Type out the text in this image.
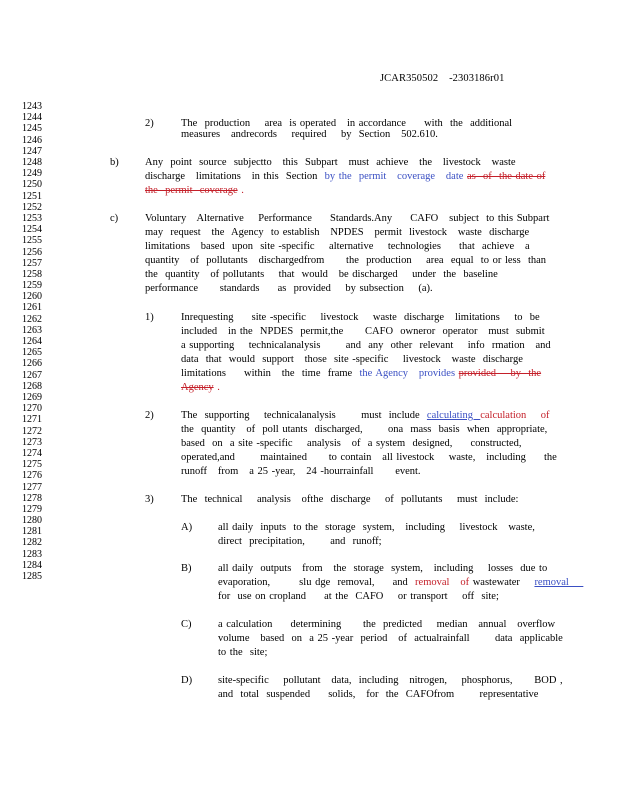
JCAR350502    -2303186r01
1243
1244
1245
1246
1247
1248
1249
1250
1251
1252
1253
1254
1255
1256
1257
1258
1259
1260
1261
1262
1263
1264
1265
1266
1267
1268
1269
1270
1271
1272
1273
1274
1275
1276
1277
1278
1279
1280
1281
1282
1283
1284
1285
2)	The  production    area  is operated   in accordance     with  the  additional
measures   andrecords    required    by  Section   502.610.
b)	Any  point  source  subjectto   this  Subpart   must  achieve   the   livestock   waste
discharge   limitations   in this  Section  by the  permit   coverage   date as  of  the date of
the  permit  coverage .
c)	Voluntary   Alternative    Performance     Standards.Any     CAFO   subject  to this Subpart
may  request   the  Agency  to establish   NPDES   permit  livestock   waste  discharge
limitations   based  upon  site -specific    alternative    technologies     that  achieve   a
quantity   of  pollutants   dischargedfrom      the  production    area  equal  to or less  than
the  quantity   of pollutants    that  would   be discharged    under  the  baseline
performance      standards     as  provided    by subsection    (a).
1)	Inrequesting     site -specific    livestock    waste  discharge   limitations    to  be
included   in the  NPDES  permit,the      CAFO  owneror  operator   must  submit
a supporting    technicalanalysis       and  any  other  relevant    info  rmation   and
data  that  would  support   those  site -specific    livestock   waste  discharge
limitations     within   the  time  frame  the Agency   provides provided    by  the
Agency .
2)	The  supporting    technicalanalysis       must  include  calculating  calculation    of
the  quantity   of  poll utants  discharged,       ona  mass  basis  when  appropriate,
based  on  a site -specific    analysis   of  a system  designed,     constructed,
operated,and       maintained      to contain   all livestock    waste,   including     the
runoff   from   a 25 -year,   24 -hourrainfall      event.
3)	The  technical    analysis   ofthe  discharge    of  pollutants    must  include:
A) all daily  inputs  to the  storage  system,   including    livestock   waste,
direct  precipitation,       and  runoff;
B)	all daily  outputs   from   the  storage  system,   including    losses  due to
evaporation,        slu dge  removal,     and  removal   of wastewater    removal
for  use on cropland     at the  CAFO    or transport    off  site;
C)	a calculation     determining      the  predicted    median   annual   overflow
volume   based  on  a 25 -year  period   of  actualrainfall       data  applicable
to the  site;
D) site-specific    pollutant   data,  including   nitrogen,    phosphorus,      BOD ,
and  total  suspended     solids,   for  the  CAFOfrom       representative
